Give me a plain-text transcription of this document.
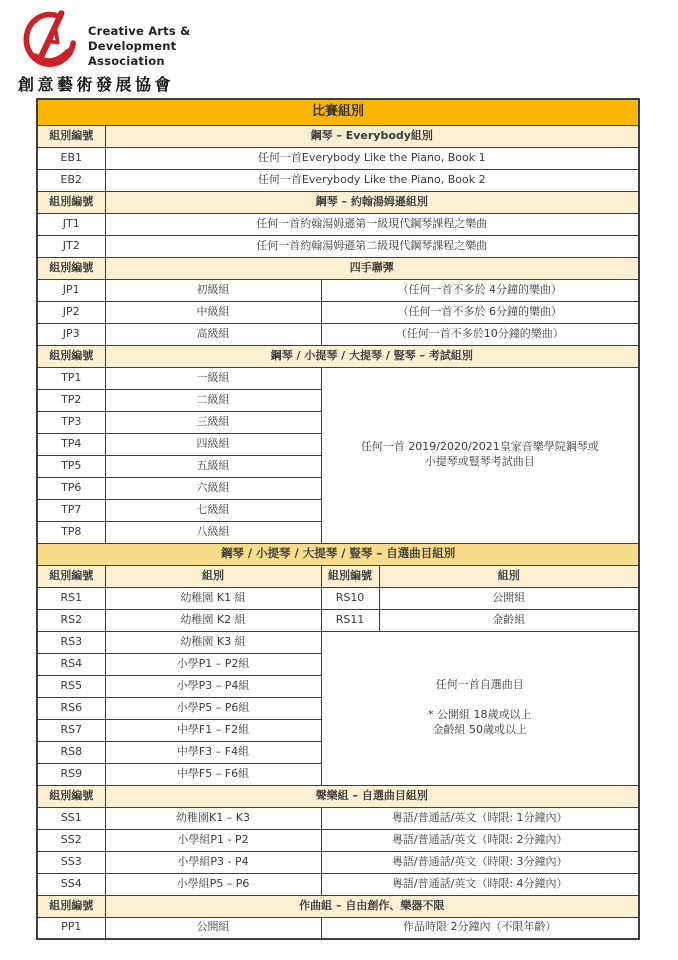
Creative Arts &
Development
Association
創意藝術發展協會
比賽組別			
組別編號	鋼琴 – Everybody組別		
EB1	任何一首Everybody Like the Piano, Book 1		
EB2	任何一首Everybody Like the Piano, Book 2		
組別編號	鋼琴 – 約翰湯姆遜組別		
JT1	任何一首約翰湯姆遜第一級現代鋼琴課程之樂曲		
JT2	任何一首約翰湯姆遜第二級現代鋼琴課程之樂曲		
組別編號	四手聯彈		
JP1	初級組	（任何一首不多於 4分鐘的樂曲）	
JP2	中級組	（任何一首不多於 6分鐘的樂曲）	
JP3	高級組	（任何一首不多於10分鐘的樂曲）	
組別編號	鋼琴 / 小提琴 / 大提琴 / 豎琴 – 考試組別		
TP1	一級組	任何一首 2019/2020/2021皇家音樂學院鋼琴或
小提琴或豎琴考試曲目	
TP2	二級組		
TP3	三級組		
TP4	四級組		
TP5	五級組		
TP6	六級組		
TP7	七級組		
TP8	八級組		
鋼琴 / 小提琴 / 大提琴 / 豎琴 – 自選曲目組別			
組別編號	組別	組別編號	組別
RS1	幼稚園 K1 組	RS10	公開組
RS2	幼稚園 K2 組	RS11	金齡組
RS3	幼稚園 K3 組	任何一首自選曲目

* 公開組 18歲或以上
金齡組 50歲或以上	
RS4	小學P1 – P2組		
RS5	小學P3 – P4組		
RS6	小學P5 – P6組		
RS7	中學F1 – F2組		
RS8	中學F3 – F4組		
RS9	中學F5 – F6組		
組別編號	聲樂組 – 自選曲目組別		
SS1	幼稚園K1 – K3	粵語/普通話/英文（時限: 1分鐘內）	
SS2	小學組P1 - P2	粵語/普通話/英文（時限: 2分鐘內）	
SS3	小學組P3 - P4	粵語/普通話/英文（時限: 3分鐘內）	
SS4	小學組P5 – P6	粵語/普通話/英文（時限: 4分鐘內）	
組別編號	作曲組 – 自由創作、樂器不限		
PP1	公開組	作品時限 2分鐘內（不限年齡）	
